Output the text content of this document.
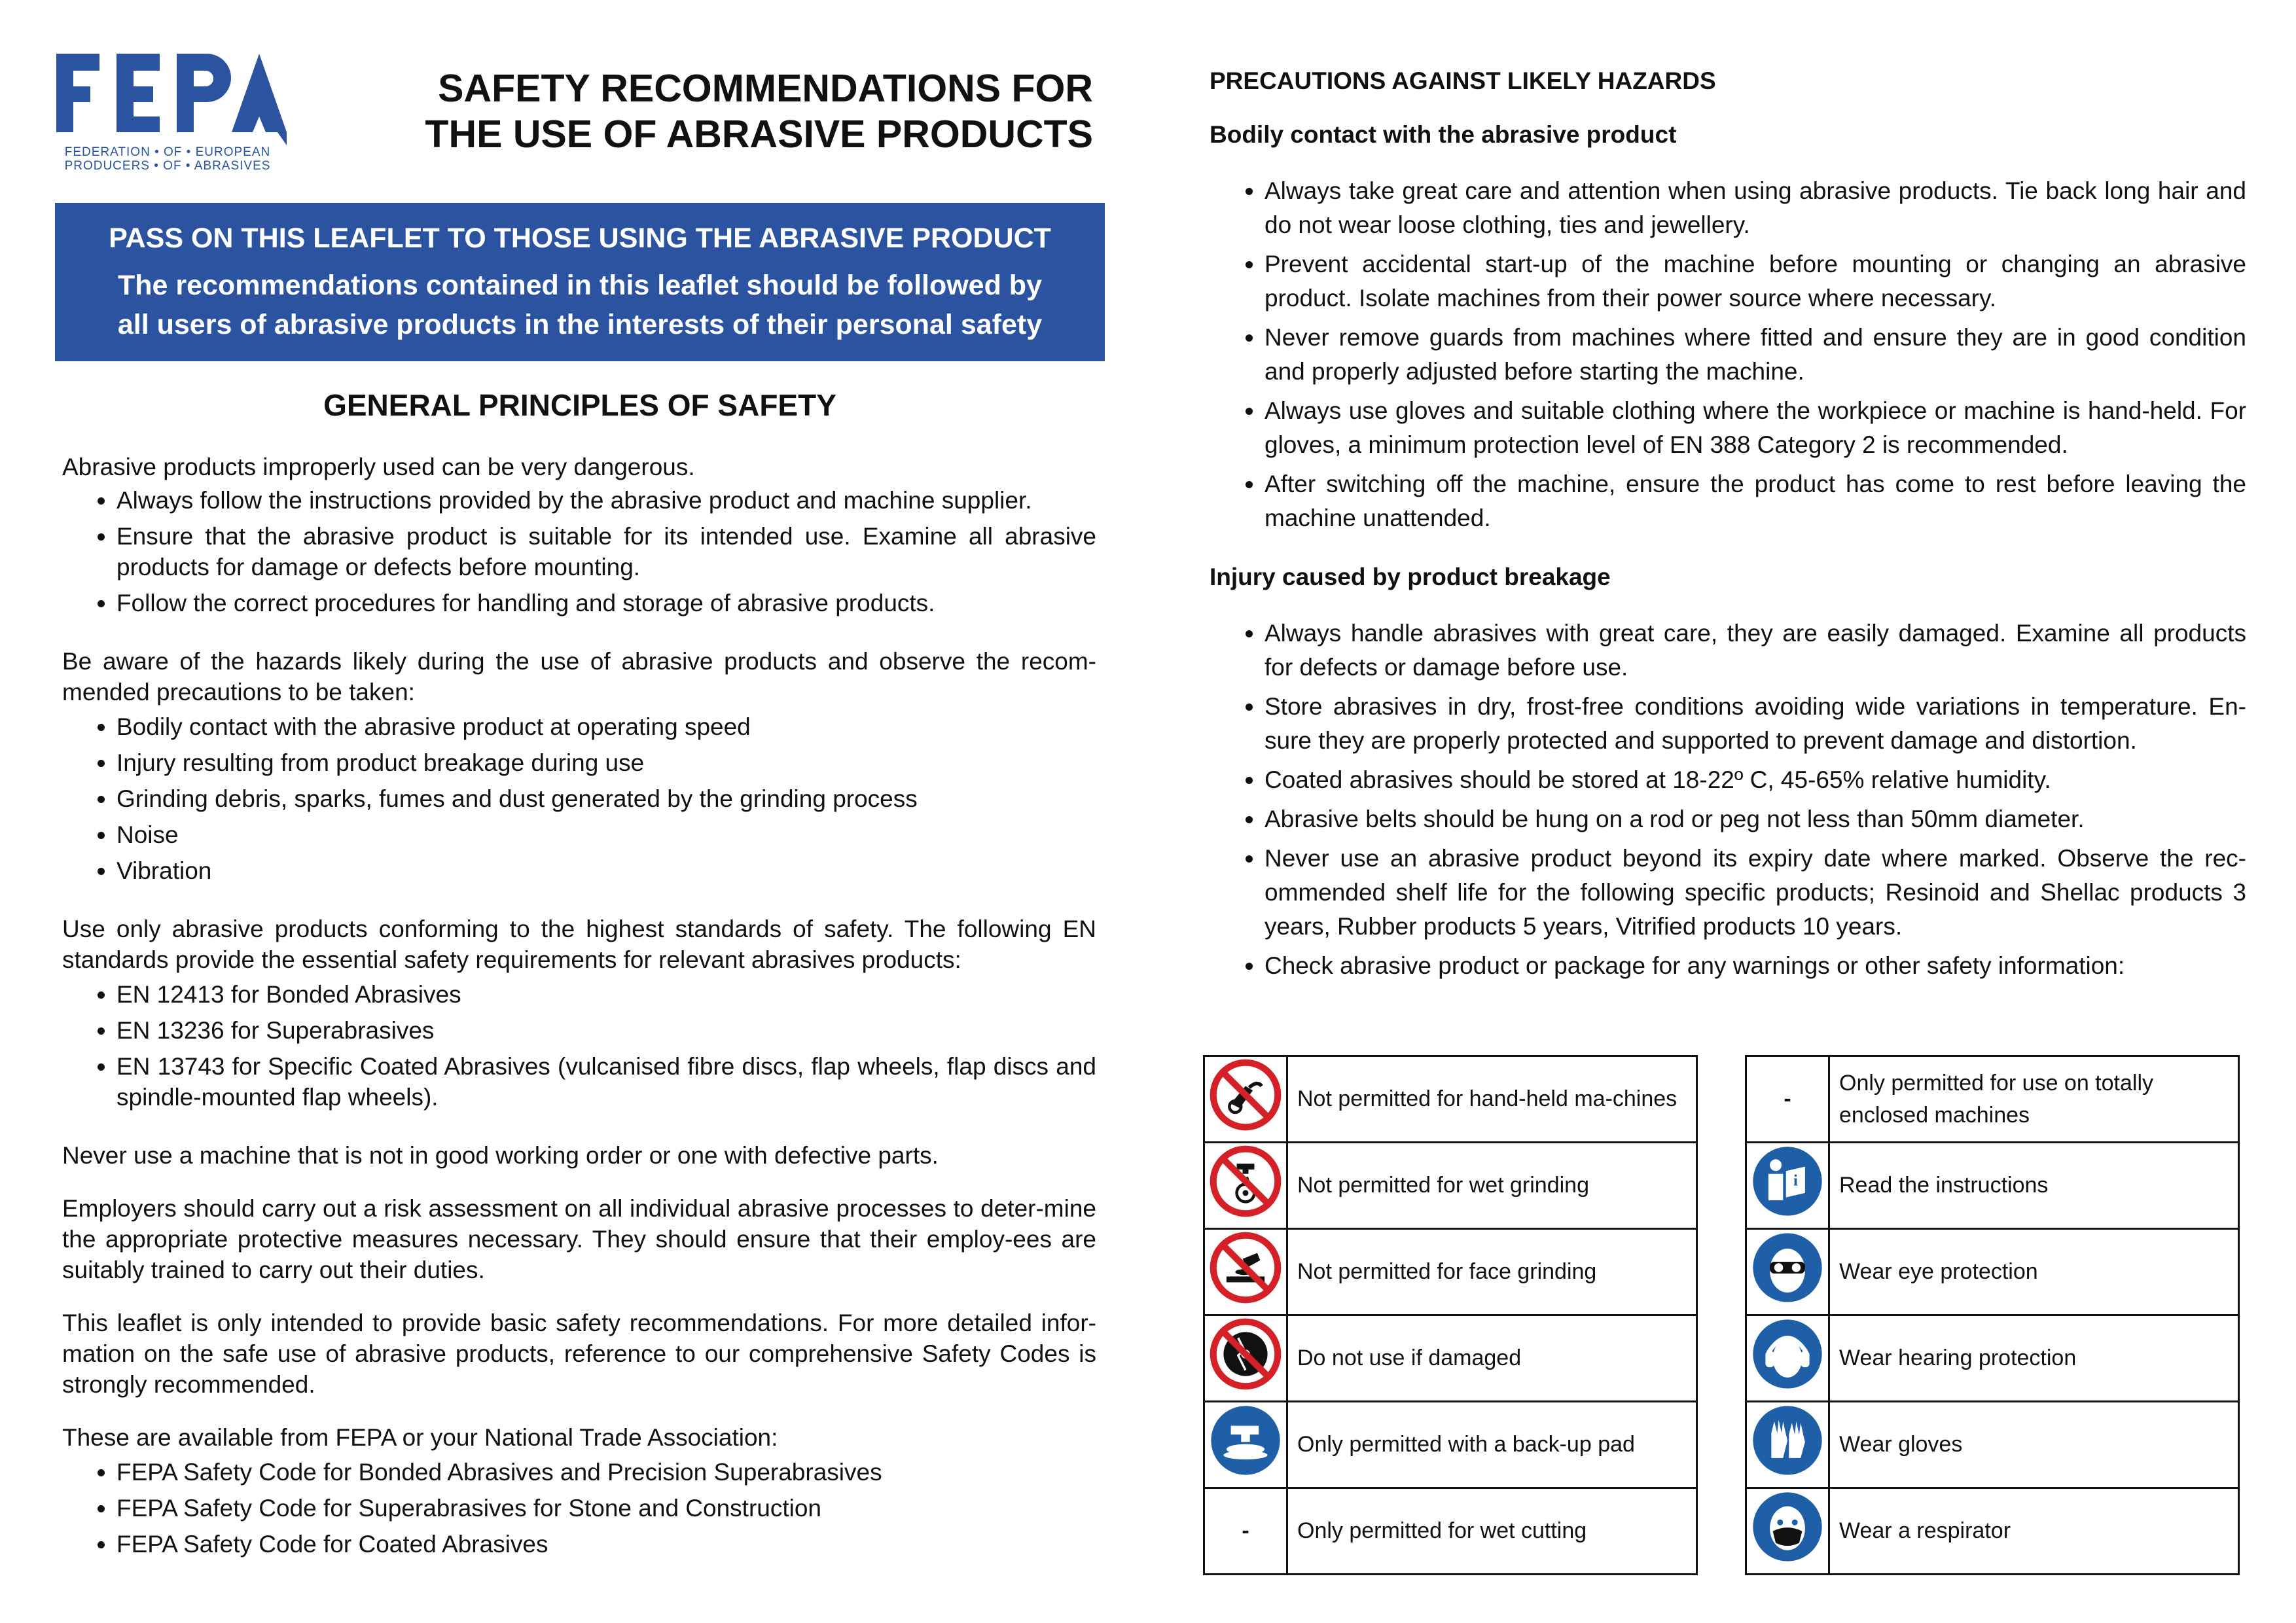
FEDERATION • OF • EUROPEAN
PRODUCERS • OF • ABRASIVES
SAFETY RECOMMENDATIONS FOR
THE USE OF ABRASIVE PRODUCTS
PASS ON THIS LEAFLET TO THOSE USING THE ABRASIVE PRODUCT
The recommendations contained in this leaflet should be followed by all users of abrasive products in the interests of their personal safety
GENERAL PRINCIPLES OF SAFETY

Abrasive products improperly used can be very dangerous.

• Always follow the instructions provided by the abrasive product and machine supplier.
• Ensure that the abrasive product is suitable for its intended use. Examine all abrasive products for damage or defects before mounting.
• Follow the correct procedures for handling and storage of abrasive products.

Be aware of the hazards likely during the use of abrasive products and observe the recom-mended precautions to be taken:

• Bodily contact with the abrasive product at operating speed
• Injury resulting from product breakage during use
• Grinding debris, sparks, fumes and dust generated by the grinding process
• Noise
• Vibration

Use only abrasive products conforming to the highest standards of safety. The following EN standards provide the essential safety requirements for relevant abrasives products:

• EN 12413 for Bonded Abrasives
• EN 13236 for Superabrasives
• EN 13743 for Specific Coated Abrasives (vulcanised fibre discs, flap wheels, flap discs and spindle-mounted flap wheels).

Never use a machine that is not in good working order or one with defective parts.

Employers should carry out a risk assessment on all individual abrasive processes to deter-mine the appropriate protective measures necessary. They should ensure that their employ-ees are suitably trained to carry out their duties.

This leaflet is only intended to provide basic safety recommendations. For more detailed infor-mation on the safe use of abrasive products, reference to our comprehensive Safety Codes is strongly recommended.

These are available from FEPA or your National Trade Association:

• FEPA Safety Code for Bonded Abrasives and Precision Superabrasives
• FEPA Safety Code for Superabrasives for Stone and Construction
• FEPA Safety Code for Coated Abrasives
PRECAUTIONS AGAINST LIKELY HAZARDS
Bodily contact with the abrasive product
• Always take great care and attention when using abrasive products. Tie back long hair and do not wear loose clothing, ties and jewellery.
• Prevent accidental start-up of the machine before mounting or changing an abrasive product. Isolate machines from their power source where necessary.
• Never remove guards from machines where fitted and ensure they are in good condition and properly adjusted before starting the machine.
• Always use gloves and suitable clothing where the workpiece or machine is hand-held. For gloves, a minimum protection level of EN 388 Category 2 is recommended.
• After switching off the machine, ensure the product has come to rest before leaving the machine unattended.
Injury caused by product breakage
• Always handle abrasives with great care, they are easily damaged. Examine all products for defects or damage before use.
• Store abrasives in dry, frost-free conditions avoiding wide variations in temperature. En-sure they are properly protected and supported to prevent damage and distortion.
• Coated abrasives should be stored at 18-22º C, 45-65% relative humidity.
• Abrasive belts should be hung on a rod or peg not less than 50mm diameter.
• Never use an abrasive product beyond its expiry date where marked. Observe the rec-ommended shelf life for the following specific products; Resinoid and Shellac products 3 years, Rubber products 5 years, Vitrified products 10 years.
• Check abrasive product or package for any warnings or other safety information:
	Not permitted for hand-held ma-chines
	Not permitted for wet grinding
	Not permitted for face grinding
	Do not use if damaged
	Only permitted with a back-up pad
-	Only permitted for wet cutting
-	Only permitted for use on totally enclosed machines

i	Read the instructions
	Wear eye protection
	Wear hearing protection
	Wear gloves
	Wear a respirator
